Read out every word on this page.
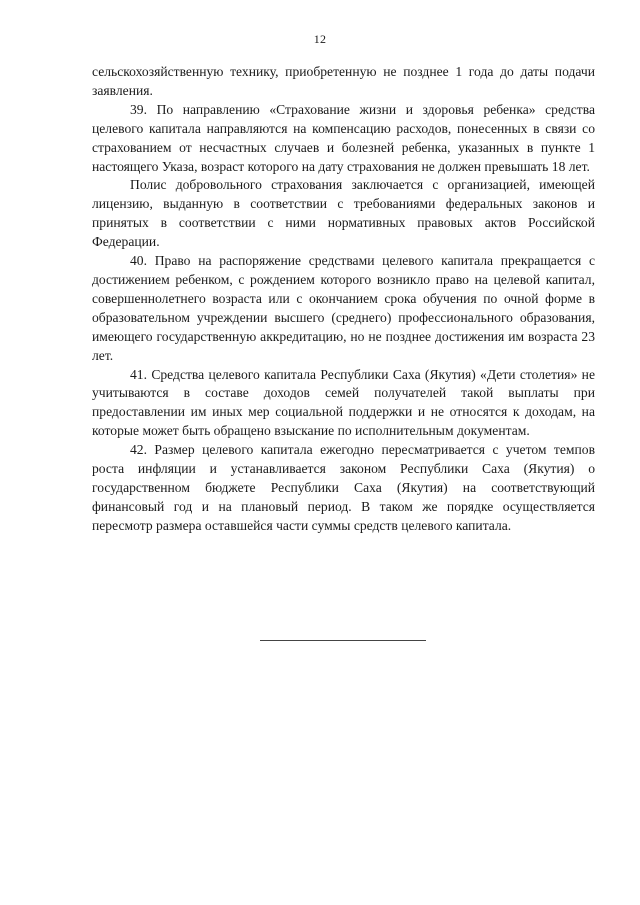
12

сельскохозяйственную технику, приобретенную не позднее 1 года до даты подачи заявления.

39. По направлению «Страхование жизни и здоровья ребенка» средства целевого капитала направляются на компенсацию расходов, понесенных в связи со страхованием от несчастных случаев и болезней ребенка, указанных в пункте 1 настоящего Указа, возраст которого на дату страхования не должен превышать 18 лет.

Полис добровольного страхования заключается с организацией, имеющей лицензию, выданную в соответствии с требованиями федеральных законов и принятых в соответствии с ними нормативных правовых актов Российской Федерации.

40. Право на распоряжение средствами целевого капитала прекращается с достижением ребенком, с рождением которого возникло право на целевой капитал, совершеннолетнего возраста или с окончанием срока обучения по очной форме в образовательном учреждении высшего (среднего) профессионального образования, имеющего государственную аккредитацию, но не позднее достижения им возраста 23 лет.

41. Средства целевого капитала Республики Саха (Якутия) «Дети столетия» не учитываются в составе доходов семей получателей такой выплаты при предоставлении им иных мер социальной поддержки и не относятся к доходам, на которые может быть обращено взыскание по исполнительным документам.

42. Размер целевого капитала ежегодно пересматривается с учетом темпов роста инфляции и устанавливается законом Республики Саха (Якутия) о государственном бюджете Республики Саха (Якутия) на соответствующий финансовый год и на плановый период. В таком же порядке осуществляется пересмотр размера оставшейся части суммы средств целевого капитала.
